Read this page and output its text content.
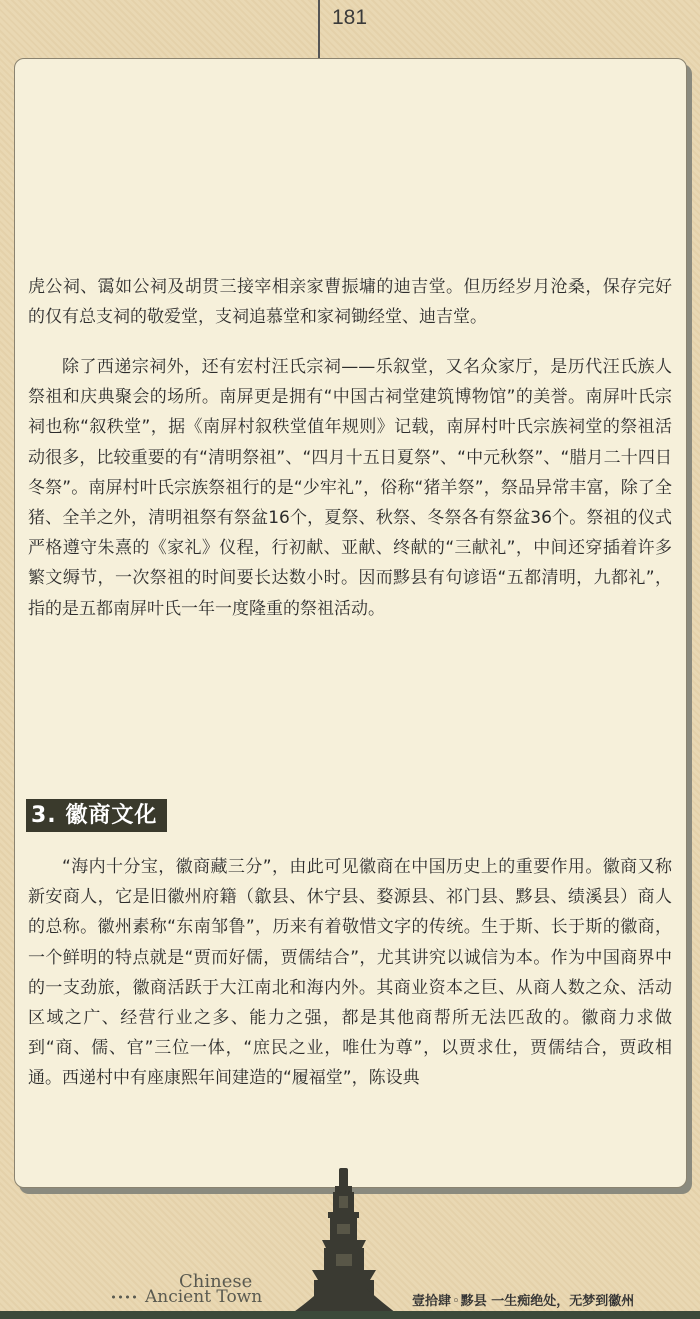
181

虎公祠、霭如公祠及胡贯三接宰相亲家曹振墉的迪吉堂。但历经岁月沧桑，保存完好的仅有总支祠的敬爱堂，支祠追慕堂和家祠锄经堂、迪吉堂。

除了西递宗祠外，还有宏村汪氏宗祠——乐叙堂，又名众家厅，是历代汪氏族人祭祖和庆典聚会的场所。南屏更是拥有“中国古祠堂建筑博物馆”的美誉。南屏叶氏宗祠也称“叙秩堂”，据《南屏村叙秩堂值年规则》记载，南屏村叶氏宗族祠堂的祭祖活动很多，比较重要的有“清明祭祖”、“四月十五日夏祭”、“中元秋祭”、“腊月二十四日冬祭”。南屏村叶氏宗族祭祖行的是“少牢礼”，俗称“猪羊祭”，祭品异常丰富，除了全猪、全羊之外，清明祖祭有祭盆16个，夏祭、秋祭、冬祭各有祭盆36个。祭祖的仪式严格遵守朱熹的《家礼》仪程，行初献、亚献、终献的“三献礼”，中间还穿插着许多繁文缛节，一次祭祖的时间要长达数小时。因而黟县有句谚语“五都清明，九都礼”，指的是五都南屏叶氏一年一度隆重的祭祖活动。

3. 徽商文化

“海内十分宝，徽商藏三分”，由此可见徽商在中国历史上的重要作用。徽商又称新安商人，它是旧徽州府籍（歙县、休宁县、婺源县、祁门县、黟县、绩溪县）商人的总称。徽州素称“东南邹鲁”，历来有着敬惜文字的传统。生于斯、长于斯的徽商，一个鲜明的特点就是“贾而好儒，贾儒结合”，尤其讲究以诚信为本。作为中国商界中的一支劲旅，徽商活跃于大江南北和海内外。其商业资本之巨、从商人数之众、活动区域之广、经营行业之多、能力之强，都是其他商帮所无法匹敌的。徽商力求做到“商、儒、官”三位一体，“庶民之业，唯仕为尊”，以贾求仕，贾儒结合，贾政相通。西递村中有座康熙年间建造的“履福堂”，陈设典

Chinese
Ancient Town	壹拾肆◦黟县 一生痴绝处，无梦到徽州
